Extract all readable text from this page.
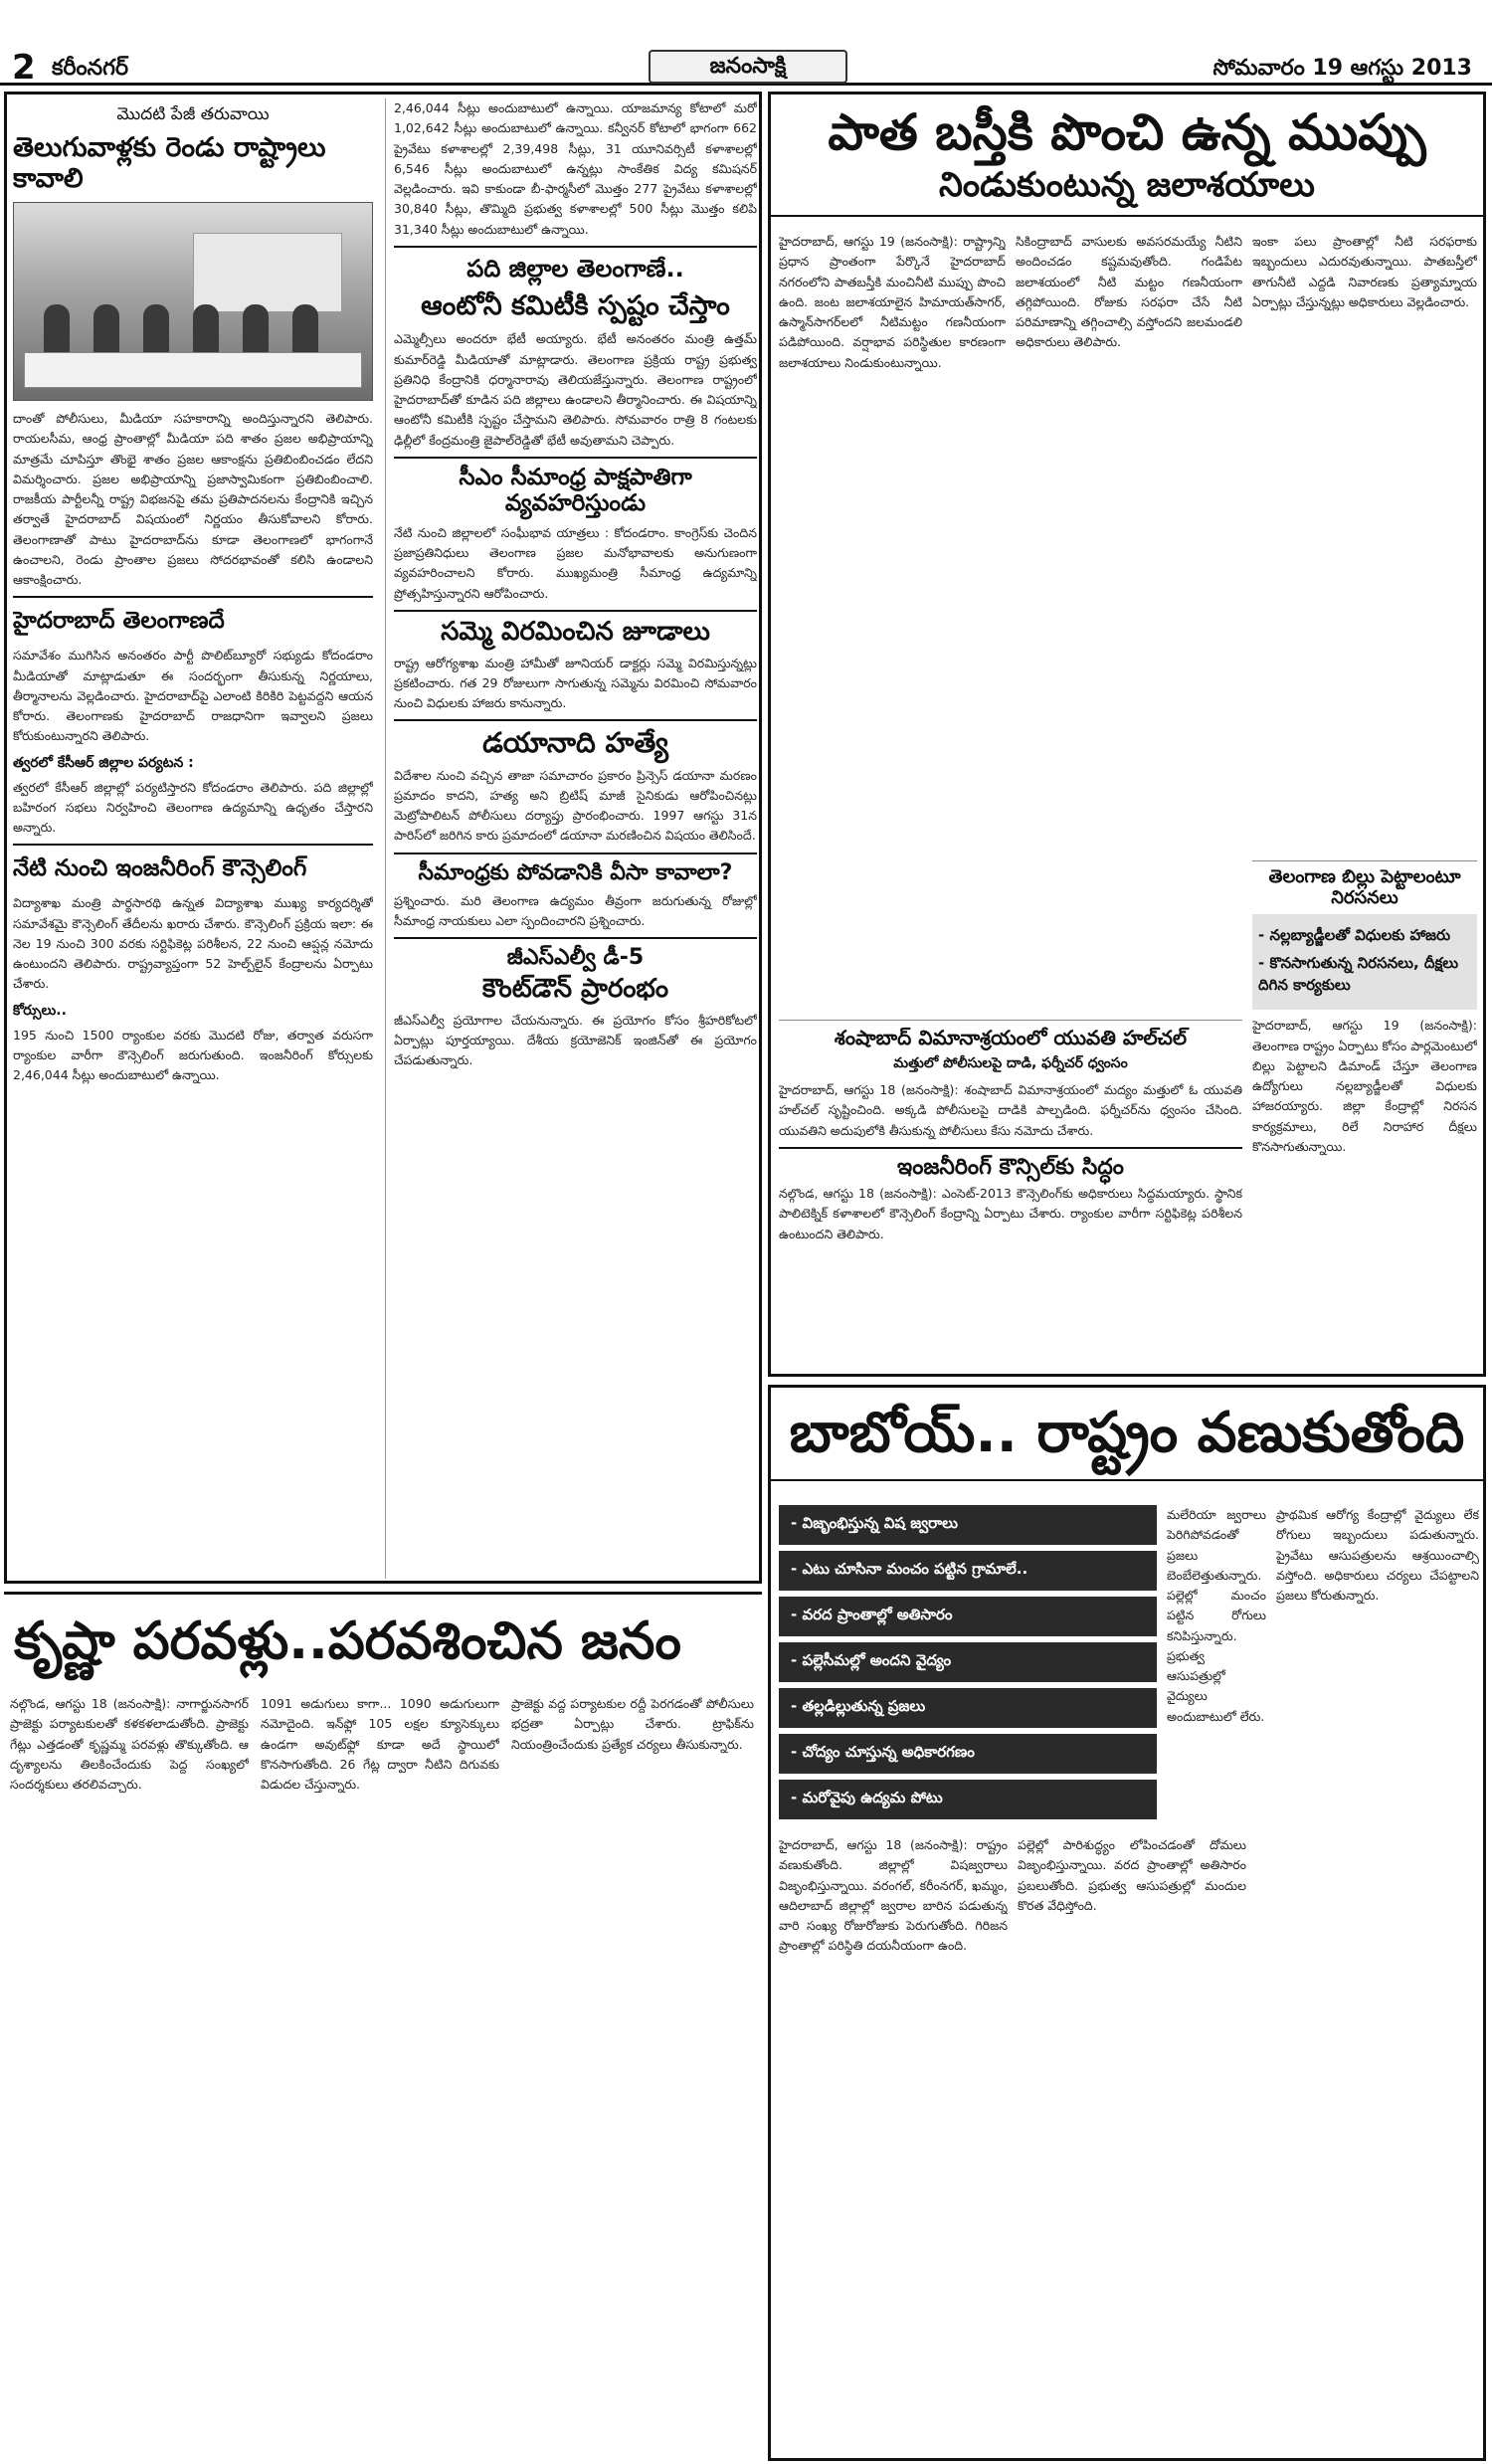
2 కరీంనగర్	జనంసాక్షి	సోమవారం 19 ఆగస్టు 2013
మొదటి పేజీ తరువాయి
తెలుగువాళ్లకు రెండు రాష్ట్రాలు కావాలి
దాంతో పోలీసులు, మీడియా సహకారాన్ని అందిస్తున్నారని తెలిపారు. రాయలసీమ, ఆంధ్ర ప్రాంతాల్లో మీడియా పది శాతం ప్రజల అభిప్రాయాన్ని మాత్రమే చూపిస్తూ తొంభై శాతం ప్రజల ఆకాంక్షను ప్రతిబింబించడం లేదని విమర్శించారు. ప్రజల అభిప్రాయాన్ని ప్రజాస్వామికంగా ప్రతిబింబించాలి. రాజకీయ పార్టీలన్నీ రాష్ట్ర విభజనపై తమ ప్రతిపాదనలను కేంద్రానికి ఇచ్చిన తర్వాతే హైదరాబాద్ విషయంలో నిర్ణయం తీసుకోవాలని కోరారు. తెలంగాణాతో పాటు హైదరాబాద్‌ను కూడా తెలంగాణలో భాగంగానే ఉంచాలని, రెండు ప్రాంతాల ప్రజలు సోదరభావంతో కలిసి ఉండాలని ఆకాంక్షించారు.
హైదరాబాద్ తెలంగాణదే
సమావేశం ముగిసిన అనంతరం పార్టీ పొలిట్‌బ్యూరో సభ్యుడు కోదండరాం మీడియాతో మాట్లాడుతూ ఈ సందర్భంగా తీసుకున్న నిర్ణయాలు, తీర్మానాలను వెల్లడించారు. హైదరాబాద్‌పై ఎలాంటి కిరికిరి పెట్టవద్దని ఆయన కోరారు. తెలంగాణకు హైదరాబాద్ రాజధానిగా ఇవ్వాలని ప్రజలు కోరుకుంటున్నారని తెలిపారు.
త్వరలో కేసీఆర్ జిల్లాల పర్యటన :
త్వరలో కేసీఆర్ జిల్లాల్లో పర్యటిస్తారని కోదండరాం తెలిపారు. పది జిల్లాల్లో బహిరంగ సభలు నిర్వహించి తెలంగాణ ఉద్యమాన్ని ఉధృతం చేస్తారని అన్నారు.
నేటి నుంచి ఇంజనీరింగ్ కౌన్సెలింగ్
విద్యాశాఖ మంత్రి పార్థసారథి ఉన్నత విద్యాశాఖ ముఖ్య కార్యదర్శితో సమావేశమై కౌన్సెలింగ్ తేదీలను ఖరారు చేశారు. కౌన్సెలింగ్ ప్రక్రియ ఇలా: ఈ నెల 19 నుంచి 300 వరకు సర్టిఫికెట్ల పరిశీలన, 22 నుంచి ఆప్షన్ల నమోదు ఉంటుందని తెలిపారు. రాష్ట్రవ్యాప్తంగా 52 హెల్ప్‌లైన్ కేంద్రాలను ఏర్పాటు చేశారు.
కోర్సులు..
195 నుంచి 1500 ర్యాంకుల వరకు మొదటి రోజు, తర్వాత వరుసగా ర్యాంకుల వారీగా కౌన్సెలింగ్ జరుగుతుంది. ఇంజనీరింగ్ కోర్సులకు 2,46,044 సీట్లు అందుబాటులో ఉన్నాయి.
2,46,044 సీట్లు అందుబాటులో ఉన్నాయి. యాజమాన్య కోటాలో మరో 1,02,642 సీట్లు అందుబాటులో ఉన్నాయి. కన్వీనర్ కోటాలో భాగంగా 662 ప్రైవేటు కళాశాలల్లో 2,39,498 సీట్లు, 31 యూనివర్సిటీ కళాశాలల్లో 6,546 సీట్లు అందుబాటులో ఉన్నట్లు సాంకేతిక విద్య కమిషనర్ వెల్లడించారు. ఇవి కాకుండా బీ-ఫార్మసీలో మొత్తం 277 ప్రైవేటు కళాశాలల్లో 30,840 సీట్లు, తొమ్మిది ప్రభుత్వ కళాశాలల్లో 500 సీట్లు మొత్తం కలిపి 31,340 సీట్లు అందుబాటులో ఉన్నాయి.
పది జిల్లాల తెలంగాణే..
ఆంటోనీ కమిటీకి స్పష్టం చేస్తాం
ఎమ్మెల్సీలు అందరూ భేటీ అయ్యారు. భేటీ అనంతరం మంత్రి ఉత్తమ్ కుమార్‌రెడ్డి మీడియాతో మాట్లాడారు. తెలంగాణ ప్రక్రియ రాష్ట్ర ప్రభుత్వ ప్రతినిధి కేంద్రానికి ధర్మానారావు తెలియజేస్తున్నారు. తెలంగాణ రాష్ట్రంలో హైదరాబాద్‌తో కూడిన పది జిల్లాలు ఉండాలని తీర్మానించారు. ఈ విషయాన్ని ఆంటోనీ కమిటీకి స్పష్టం చేస్తామని తెలిపారు. సోమవారం రాత్రి 8 గంటలకు ఢిల్లీలో కేంద్రమంత్రి జైపాల్‌రెడ్డితో భేటీ అవుతామని చెప్పారు.
సీఎం సీమాంధ్ర పాక్షపాతిగా వ్యవహరిస్తుండు
నేటి నుంచి జిల్లాలలో సంఘీభావ యాత్రలు : కోదండరాం. కాంగ్రెస్‌కు చెందిన ప్రజాప్రతినిధులు తెలంగాణ ప్రజల మనోభావాలకు అనుగుణంగా వ్యవహరించాలని కోరారు. ముఖ్యమంత్రి సీమాంధ్ర ఉద్యమాన్ని ప్రోత్సహిస్తున్నారని ఆరోపించారు.
సమ్మె విరమించిన జూడాలు
రాష్ట్ర ఆరోగ్యశాఖ మంత్రి హామీతో జూనియర్ డాక్టర్లు సమ్మె విరమిస్తున్నట్లు ప్రకటించారు. గత 29 రోజులుగా సాగుతున్న సమ్మెను విరమించి సోమవారం నుంచి విధులకు హాజరు కానున్నారు.
డయానాది హత్యే
విదేశాల నుంచి వచ్చిన తాజా సమాచారం ప్రకారం ప్రిన్సెస్ డయానా మరణం ప్రమాదం కాదని, హత్య అని బ్రిటిష్ మాజీ సైనికుడు ఆరోపించినట్లు మెట్రోపాలిటన్ పోలీసులు దర్యాప్తు ప్రారంభించారు. 1997 ఆగస్టు 31న పారిస్‌లో జరిగిన కారు ప్రమాదంలో డయానా మరణించిన విషయం తెలిసిందే.
సీమాంధ్రకు పోవడానికి వీసా కావాలా?
ప్రశ్నించారు. మరి తెలంగాణ ఉద్యమం తీవ్రంగా జరుగుతున్న రోజుల్లో సీమాంధ్ర నాయకులు ఎలా స్పందించారని ప్రశ్నించారు.
జీఎస్ఎల్వీ డీ-5
కౌంట్‌డౌన్ ప్రారంభం
జీఎస్ఎల్వీ ప్రయోగాల చేయనున్నారు. ఈ ప్రయోగం కోసం శ్రీహరికోటలో ఏర్పాట్లు పూర్తయ్యాయి. దేశీయ క్రయోజెనిక్ ఇంజిన్‌తో ఈ ప్రయోగం చేపడుతున్నారు.
పాత బస్తీకి పొంచి ఉన్న ముప్పు
నిండుకుంటున్న జలాశయాలు
హైదరాబాద్, ఆగస్టు 19 (జనంసాక్షి): రాష్ట్రాన్ని ప్రధాన ప్రాంతంగా పేర్కొనే హైదరాబాద్ నగరంలోని పాతబస్తీకి మంచినీటి ముప్పు పొంచి ఉంది. జంట జలాశయాలైన హిమాయత్‌సాగర్, ఉస్మాన్‌సాగర్‌లలో నీటిమట్టం గణనీయంగా పడిపోయింది. వర్షాభావ పరిస్థితుల కారణంగా జలాశయాలు నిండుకుంటున్నాయి.
సికింద్రాబాద్ వాసులకు అవసరమయ్యే నీటిని అందించడం కష్టమవుతోంది. గండిపేట జలాశయంలో నీటి మట్టం గణనీయంగా తగ్గిపోయింది. రోజుకు సరఫరా చేసే నీటి పరిమాణాన్ని తగ్గించాల్సి వస్తోందని జలమండలి అధికారులు తెలిపారు.
ఇంకా పలు ప్రాంతాల్లో నీటి సరఫరాకు ఇబ్బందులు ఎదురవుతున్నాయి. పాతబస్తీలో తాగునీటి ఎద్దడి నివారణకు ప్రత్యామ్నాయ ఏర్పాట్లు చేస్తున్నట్లు అధికారులు వెల్లడించారు.
శంషాబాద్ విమానాశ్రయంలో యువతి హల్‌చల్
మత్తులో పోలీసులపై దాడి, ఫర్నీచర్ ధ్వంసం
హైదరాబాద్, ఆగస్టు 18 (జనంసాక్షి): శంషాబాద్ విమానాశ్రయంలో మద్యం మత్తులో ఓ యువతి హల్‌చల్ సృష్టించింది. అక్కడి పోలీసులపై దాడికి పాల్పడింది. ఫర్నీచర్‌ను ధ్వంసం చేసింది. యువతిని అదుపులోకి తీసుకున్న పోలీసులు కేసు నమోదు చేశారు.
ఇంజనీరింగ్ కౌన్సిల్‌కు సిద్ధం
నల్గొండ, ఆగస్టు 18 (జనంసాక్షి): ఎంసెట్-2013 కౌన్సెలింగ్‌కు అధికారులు సిద్ధమయ్యారు. స్థానిక పాలిటెక్నిక్ కళాశాలలో కౌన్సెలింగ్ కేంద్రాన్ని ఏర్పాటు చేశారు. ర్యాంకుల వారీగా సర్టిఫికెట్ల పరిశీలన ఉంటుందని తెలిపారు.
తెలంగాణ బిల్లు పెట్టాలంటూ నిరసనలు
- నల్లబ్యాడ్జీలతో విధులకు హాజరు
- కొనసాగుతున్న నిరసనలు, దీక్షలు దిగిన కార్యకులు
హైదరాబాద్, ఆగస్టు 19 (జనంసాక్షి): తెలంగాణ రాష్ట్రం ఏర్పాటు కోసం పార్లమెంటులో బిల్లు పెట్టాలని డిమాండ్ చేస్తూ తెలంగాణ ఉద్యోగులు నల్లబ్యాడ్జీలతో విధులకు హాజరయ్యారు. జిల్లా కేంద్రాల్లో నిరసన కార్యక్రమాలు, రిలే నిరాహార దీక్షలు కొనసాగుతున్నాయి.
బాబోయ్.. రాష్ట్రం వణుకుతోంది
- విజృంభిస్తున్న విష జ్వరాలు
- ఎటు చూసినా మంచం పట్టిన గ్రామాలే..
- వరద ప్రాంతాల్లో అతిసారం
- పల్లెసీమల్లో అందని వైద్యం
- తల్లడిల్లుతున్న ప్రజలు
- చోద్యం చూస్తున్న అధికారగణం
- మరోవైపు ఉద్యమ పోటు
మలేరియా జ్వరాలు పెరిగిపోవడంతో ప్రజలు బెంబేలెత్తుతున్నారు. పల్లెల్లో మంచం పట్టిన రోగులు కనిపిస్తున్నారు. ప్రభుత్వ ఆసుపత్రుల్లో వైద్యులు అందుబాటులో లేరు.
హైదరాబాద్, ఆగస్టు 18 (జనంసాక్షి): రాష్ట్రం వణుకుతోంది. జిల్లాల్లో విషజ్వరాలు విజృంభిస్తున్నాయి. వరంగల్, కరీంనగర్, ఖమ్మం, ఆదిలాబాద్ జిల్లాల్లో జ్వరాల బారిన పడుతున్న వారి సంఖ్య రోజురోజుకు పెరుగుతోంది. గిరిజన ప్రాంతాల్లో పరిస్థితి దయనీయంగా ఉంది.
పల్లెల్లో పారిశుద్ధ్యం లోపించడంతో దోమలు విజృంభిస్తున్నాయి. వరద ప్రాంతాల్లో అతిసారం ప్రబలుతోంది. ప్రభుత్వ ఆసుపత్రుల్లో మందుల కొరత వేధిస్తోంది.
ప్రాథమిక ఆరోగ్య కేంద్రాల్లో వైద్యులు లేక రోగులు ఇబ్బందులు పడుతున్నారు. ప్రైవేటు ఆసుపత్రులను ఆశ్రయించాల్సి వస్తోంది. అధికారులు చర్యలు చేపట్టాలని ప్రజలు కోరుతున్నారు.
కృష్ణా పరవళ్లు..పరవశించిన జనం
నల్గొండ, ఆగస్టు 18 (జనంసాక్షి): నాగార్జునసాగర్ ప్రాజెక్టు పర్యాటకులతో కళకళలాడుతోంది. ప్రాజెక్టు గేట్లు ఎత్తడంతో కృష్ణమ్మ పరవళ్లు తొక్కుతోంది. ఆ దృశ్యాలను తిలకించేందుకు పెద్ద సంఖ్యలో సందర్శకులు తరలివచ్చారు.
1091 అడుగులు కాగా... 1090 అడుగులుగా నమోదైంది. ఇన్‌ఫ్లో 105 లక్షల క్యూసెక్కులు ఉండగా అవుట్‌ఫ్లో కూడా అదే స్థాయిలో కొనసాగుతోంది. 26 గేట్ల ద్వారా నీటిని దిగువకు విడుదల చేస్తున్నారు.
ప్రాజెక్టు వద్ద పర్యాటకుల రద్దీ పెరగడంతో పోలీసులు భద్రతా ఏర్పాట్లు చేశారు. ట్రాఫిక్‌ను నియంత్రించేందుకు ప్రత్యేక చర్యలు తీసుకున్నారు.
